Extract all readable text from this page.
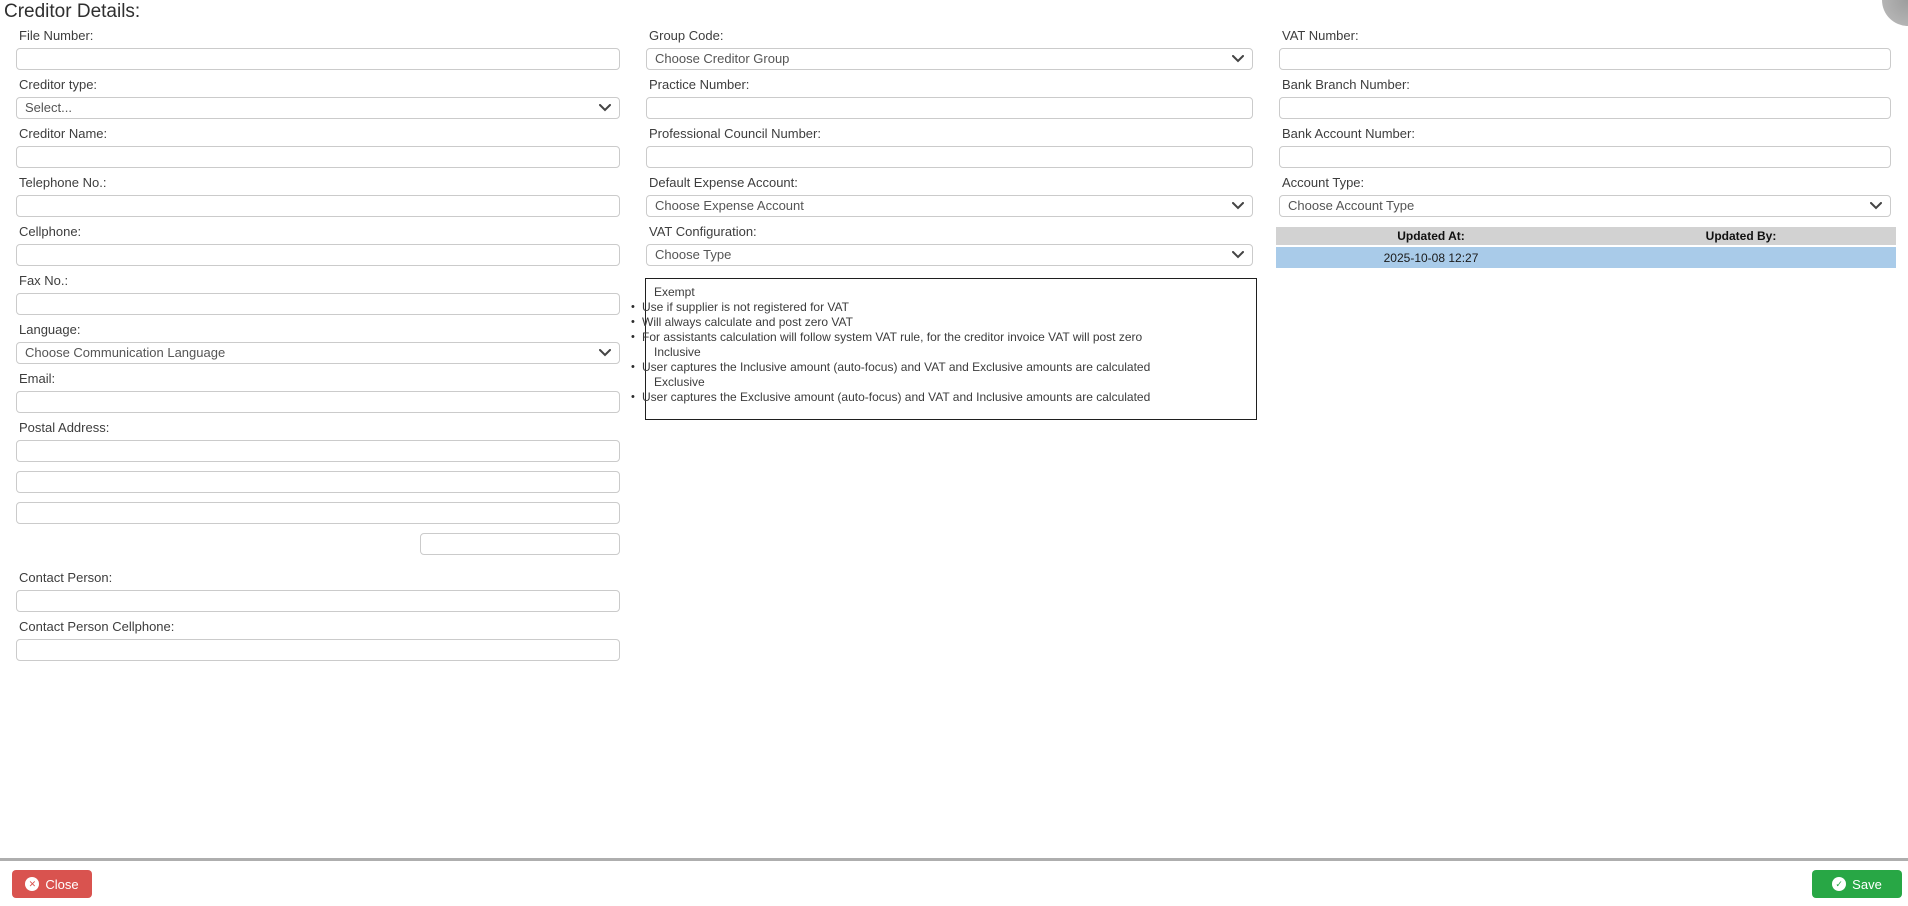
Creditor Details:
File Number:
Creditor type:
Select...
Creditor Name:
Telephone No.:
Cellphone:
Fax No.:
Language:
Choose Communication Language
Email:
Postal Address:
Contact Person:
Contact Person Cellphone:
Group Code:
Choose Creditor Group
Practice Number:
Professional Council Number:
Default Expense Account:
Choose Expense Account
VAT Configuration:
Choose Type
Exempt
• Use if supplier is not registered for VAT
• Will always calculate and post zero VAT
• For assistants calculation will follow system VAT rule, for the creditor invoice VAT will post zero
Inclusive
• User captures the Inclusive amount (auto-focus) and VAT and Exclusive amounts are calculated
Exclusive
• User captures the Exclusive amount (auto-focus) and VAT and Inclusive amounts are calculated
VAT Number:
Bank Branch Number:
Bank Account Number:
Account Type:
Choose Account Type
Updated At:	Updated By:
2025-10-08 12:27
✕ Close	✓ Save
